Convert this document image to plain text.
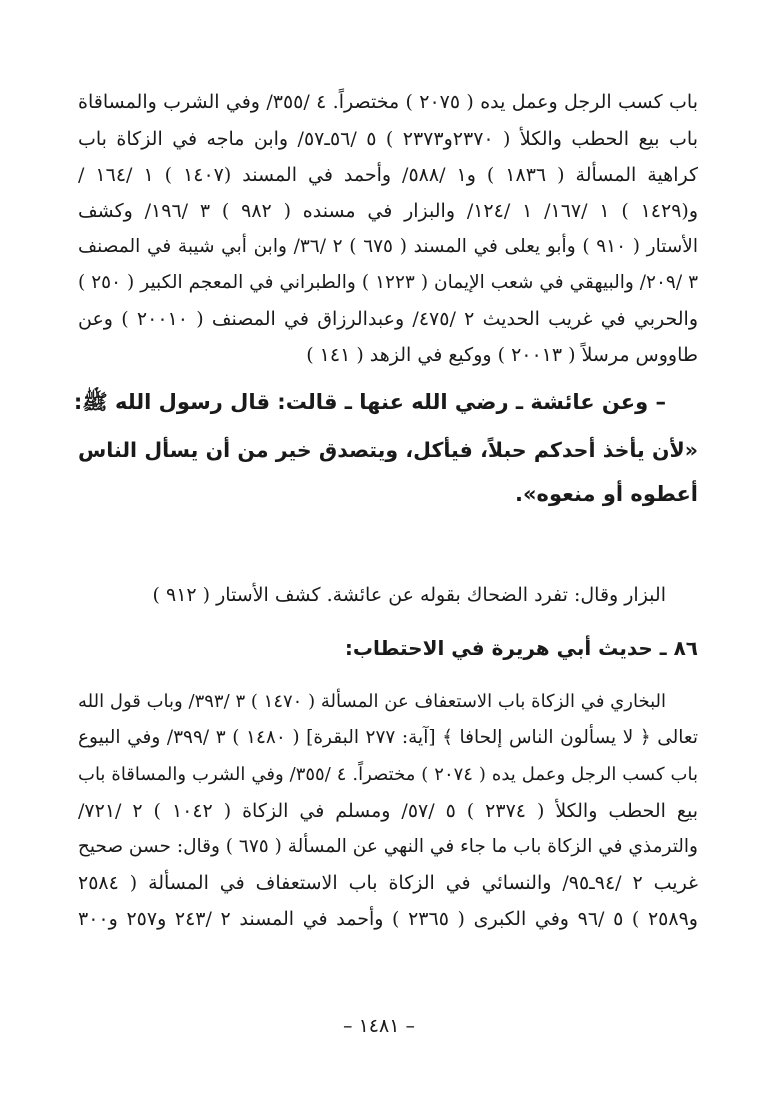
باب كسب الرجل وعمل يده ( ٢٠٧٥ ) مختصراً. ٤ /٣٥٥/ وفي الشرب والمساقاة
باب بيع الحطب والكلأ ( ٢٣٧٠و٢٣٧٣ ) ٥ /٥٦ـ٥٧/ وابن ماجه في الزكاة باب
كراهية المسألة ( ١٨٣٦ ) و١ /٥٨٨/ وأحمد في المسند (١٤٠٧ ) ١ /١٦٤ /
و(١٤٢٩ ) ١ /١٦٧/ ١ /١٢٤/ والبزار في مسنده ( ٩٨٢ ) ٣ /١٩٦/ وكشف
الأستار ( ٩١٠ ) وأبو يعلى في المسند ( ٦٧٥ ) ٢ /٣٦/ وابن أبي شيبة في المصنف
٣ /٢٠٩/ والبيهقي في شعب الإيمان ( ١٢٢٣ ) والطبراني في المعجم الكبير ( ٢٥٠ )
والحربي في غريب الحديث ٢ /٤٧٥/ وعبدالرزاق في المصنف ( ٢٠٠١٠ ) وعن
طاووس مرسلاً ( ٢٠٠١٣ ) ووكيع في الزهد ( ١٤١ )
– وعن عائشة ـ رضي الله عنها ـ قالت: قال رسول الله ﷺ:
«لأن يأخذ أحدكم حبلاً، فيأكل، ويتصدق خير من أن يسأل الناس
أعطوه أو منعوه».
البزار وقال: تفرد الضحاك بقوله عن عائشة. كشف الأستار ( ٩١٢ )
٨٦ ـ حديث أبي هريرة في الاحتطاب:
البخاري في الزكاة باب الاستعفاف عن المسألة ( ١٤٧٠ ) ٣ /٣٩٣/ وباب قول الله
تعالى ﴿ لا يسألون الناس إلحافا ﴾ [آية: ٢٧٧ البقرة] ( ١٤٨٠ ) ٣ /٣٩٩/ وفي البيوع
باب كسب الرجل وعمل يده ( ٢٠٧٤ ) مختصراً. ٤ /٣٥٥/ وفي الشرب والمساقاة باب
بيع الحطب والكلأ ( ٢٣٧٤ ) ٥ /٥٧/ ومسلم في الزكاة ( ١٠٤٢ ) ٢ /٧٢١/
والترمذي في الزكاة باب ما جاء في النهي عن المسألة ( ٦٧٥ ) وقال: حسن صحيح
غريب ٢ /٩٤ـ٩٥/ والنسائي في الزكاة باب الاستعفاف في المسألة ( ٢٥٨٤
و٢٥٨٩ ) ٥ /٩٦ وفي الكبرى ( ٢٣٦٥ ) وأحمد في المسند ٢ /٢٤٣ و٢٥٧ و٣٠٠
– ١٤٨١ –
